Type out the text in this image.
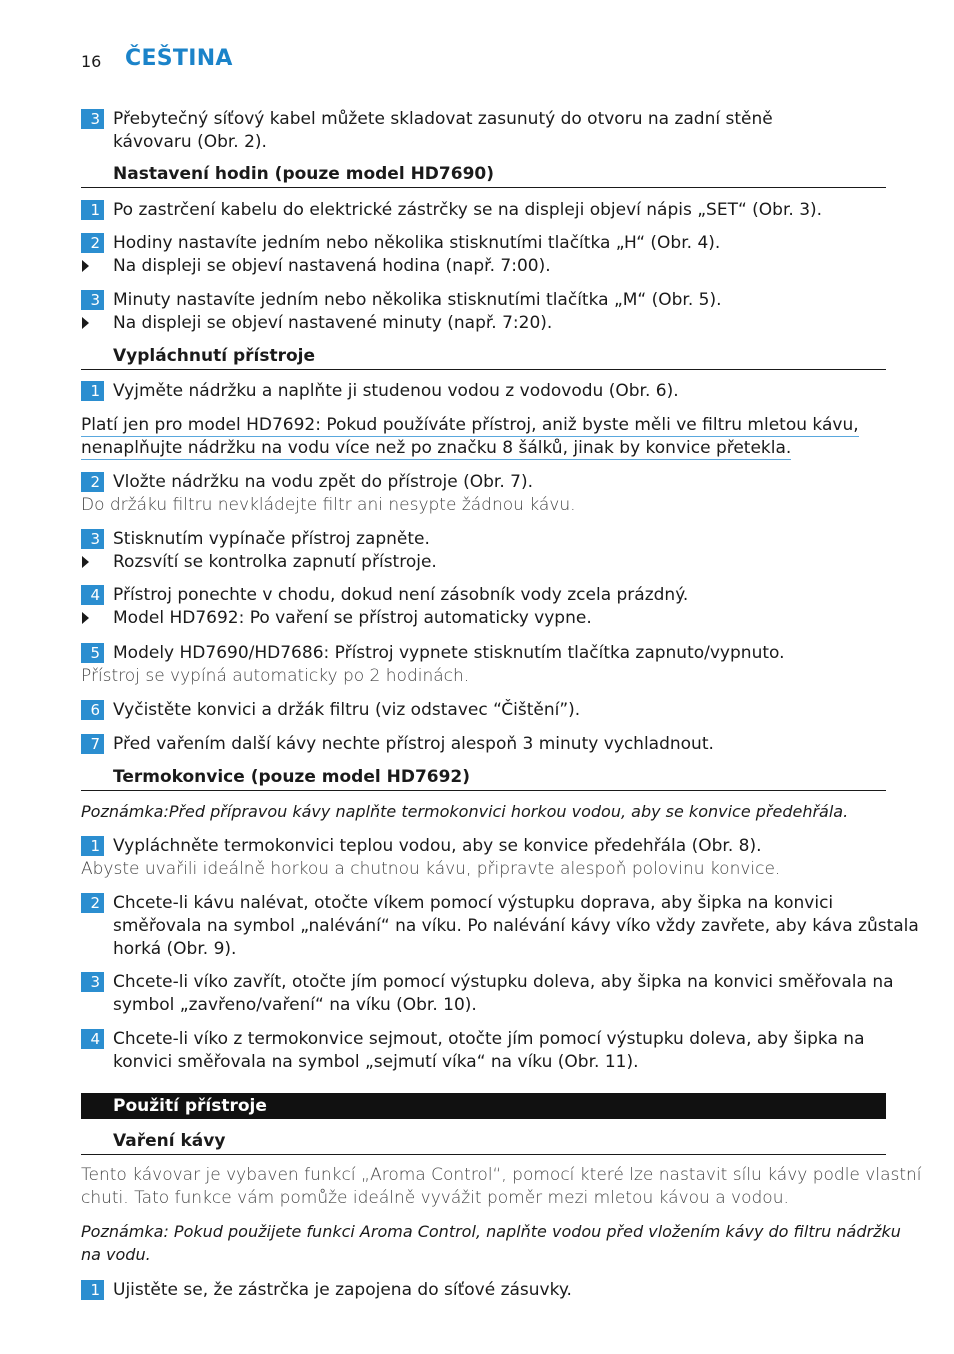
16 ČEŠTINA
3 Přebytečný síťový kabel můžete skladovat zasunutý do otvoru na zadní stěně
kávovaru (Obr. 2).
Nastavení hodin (pouze model HD7690)
1 Po zastrčení kabelu do elektrické zástrčky se na displeji objeví nápis „SET“ (Obr. 3).
2 Hodiny nastavíte jedním nebo několika stisknutími tlačítka „H“ (Obr. 4).
Na displeji se objeví nastavená hodina (např. 7:00).
3 Minuty nastavíte jedním nebo několika stisknutími tlačítka „M“ (Obr. 5).
Na displeji se objeví nastavené minuty (např. 7:20).
Vypláchnutí přístroje
1 Vyjměte nádržku a naplňte ji studenou vodou z vodovodu (Obr. 6).
Platí jen pro model HD7692: Pokud používáte přístroj, aniž byste měli ve filtru mletou kávu,
nenaplňujte nádržku na vodu více než po značku 8 šálků, jinak by konvice přetekla.
2 Vložte nádržku na vodu zpět do přístroje (Obr. 7).
Do držáku filtru nevkládejte filtr ani nesypte žádnou kávu.
3 Stisknutím vypínače přístroj zapněte.
Rozsvítí se kontrolka zapnutí přístroje.
4 Přístroj ponechte v chodu, dokud není zásobník vody zcela prázdný.
Model HD7692: Po vaření se přístroj automaticky vypne.
5 Modely HD7690/HD7686: Přístroj vypnete stisknutím tlačítka zapnuto/vypnuto.
Přístroj se vypíná automaticky po 2 hodinách.
6 Vyčistěte konvici a držák filtru (viz odstavec “Čištění”).
7 Před vařením další kávy nechte přístroj alespoň 3 minuty vychladnout.
Termokonvice (pouze model HD7692)
Poznámka:Před přípravou kávy naplňte termokonvici horkou vodou, aby se konvice předehřála.
1 Vypláchněte termokonvici teplou vodou, aby se konvice předehřála (Obr. 8).
Abyste uvařili ideálně horkou a chutnou kávu, připravte alespoň polovinu konvice.
2 Chcete-li kávu nalévat, otočte víkem pomocí výstupku doprava, aby šipka na konvici
směřovala na symbol „nalévání“ na víku. Po nalévání kávy víko vždy zavřete, aby káva zůstala
horká (Obr. 9).
3 Chcete-li víko zavřít, otočte jím pomocí výstupku doleva, aby šipka na konvici směřovala na
symbol „zavřeno/vaření“ na víku (Obr. 10).
4 Chcete-li víko z termokonvice sejmout, otočte jím pomocí výstupku doleva, aby šipka na
konvici směřovala na symbol „sejmutí víka“ na víku (Obr. 11).
Použití přístroje
Vaření kávy
Tento kávovar je vybaven funkcí „Aroma Control“, pomocí které lze nastavit sílu kávy podle vlastní
chuti. Tato funkce vám pomůže ideálně vyvážit poměr mezi mletou kávou a vodou.
Poznámka: Pokud použijete funkci Aroma Control, naplňte vodou před vložením kávy do filtru nádržku
na vodu.
1 Ujistěte se, že zástrčka je zapojena do síťové zásuvky.
